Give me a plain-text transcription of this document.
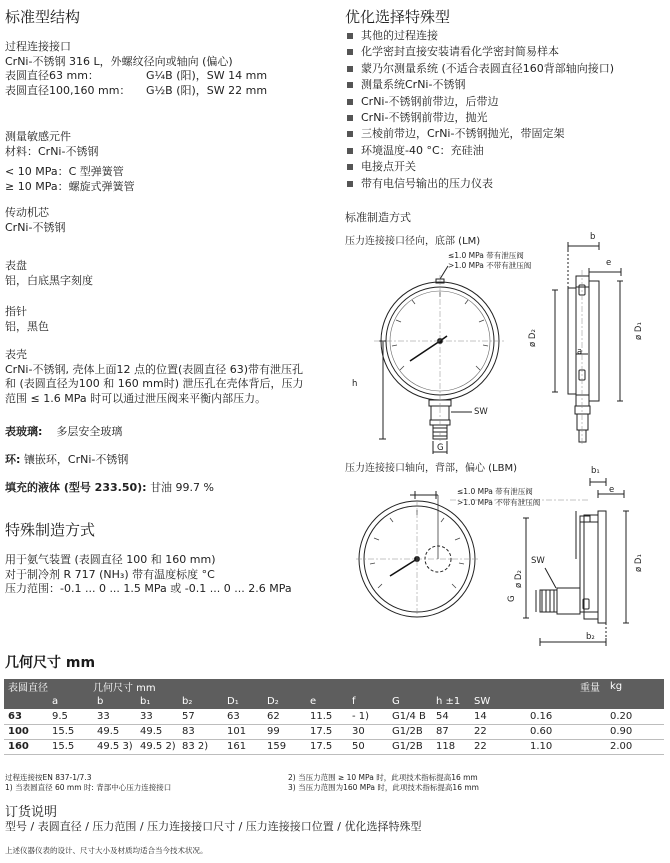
标准型结构
过程连接接口
CrNi-不锈钢 316 L，外螺纹径向或轴向 (偏心)
表圆直径63 mm：	G¼B (阳)，SW 14 mm
表圆直径100,160 mm： G½B (阳)，SW 22 mm
测量敏感元件
材料：CrNi-不锈钢
< 10 MPa：C 型弹簧管
≥ 10 MPa：螺旋式弹簧管
传动机芯
CrNi-不锈钢
表盘
铝，白底黑字刻度
指针
铝，黑色
表壳
CrNi-不锈钢, 壳体上面12 点的位置(表圆直径 63)带有泄压孔
和 (表圆直径为100 和 160 mm时) 泄压孔在壳体背后，压力
范围 ≤ 1.6 MPa 时可以通过泄压阀来平衡内部压力。
表玻璃: 多层安全玻璃
环: 镶嵌环，CrNi-不锈钢
填充的液体 (型号 233.50): 甘油 99.7 %
特殊制造方式
用于氨气装置 (表圆直径 100 和 160 mm)
对于制冷剂 R 717 (NH₃) 带有温度标度 °C
压力范围：-0.1 ... 0 ... 1.5 MPa 或 -0.1 ... 0 ... 2.6 MPa
优化选择特殊型
其他的过程连接
化学密封直接安装请看化学密封简易样本
蒙乃尔测量系统 (不适合表圆直径160背部轴向接口)
测量系统CrNi-不锈钢
CrNi-不锈钢前带边，后带边
CrNi-不锈钢前带边，抛光
三棱前带边，CrNi-不锈钢抛光，带固定架
环境温度-40 °C：充硅油
电接点开关
带有电信号输出的压力仪表
标准制造方式
压力连接接口径向，底部 (LM)
≤1.0 MPa 带有泄压阀
>1.0 MPa 不带有泄压阀
h
SW
G
b
e
a
ø D₂	ø D₁
压力连接接口轴向，背部，偏心 (LBM)
≤1.0 MPa 带有泄压阀
>1.0 MPa 不带有泄压阀
b₁
e
SW
G
b₂
ø D₂
ø D₁
几何尺寸 mm
表圆直径		几何尺寸 mm									重量		kg
	a	b	b₁	b₂	D₁	D₂	e	f	G	h ±1	SW		
63	9.5	33	33	57	63	62	11.5	- 1)	G1/4 B	54	14	0.16	0.20
100	15.5	49.5	49.5	83	101	99	17.5	30	G1/2B	87	22	0.60	0.90
160	15.5	49.5 3)	49.5 2)	83 2)	161	159	17.5	50	G1/2B	118	22	1.10	2.00
过程连接按EN 837-1/7.3
1) 当表圆直径 60 mm 时: 背部中心压力连接接口
2) 当压力范围 ≥ 10 MPa 时，此项技术指标提高16 mm
3) 当压力范围为160 MPa 时，此项技术指标提高16 mm
订货说明
型号 / 表圆直径 / 压力范围 / 压力连接接口尺寸 / 压力连接接口位置 / 优化选择特殊型
上述仪器仪表的设计、尺寸大小及材质均适合当今技术状况。
